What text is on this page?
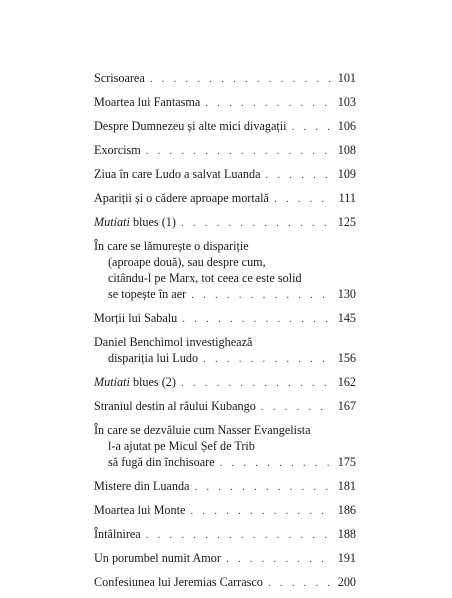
Scrisoarea . . .	101
Moartea lui Fantasma . . .	103
Despre Dumnezeu și alte mici divagații . . .	106
Exorcism . . .	108
Ziua în care Ludo a salvat Luanda . . .	109
Apariții și o cădere aproape mortală . . .	111
Mutiati blues (1) . . .	125
În care se lămurește o dispariție
(aproape două), sau despre cum,
citându-l pe Marx, tot ceea ce este solid
se topește în aer . . .	130
Morții lui Sabalu . . .	145
Daniel Benchimol investighează
dispariția lui Ludo . . .	156
Mutiati blues (2) . . .	162
Straniul destin al râului Kubango . . .	167
În care se dezvăluie cum Nasser Evangelista
l-a ajutat pe Micul Șef de Trib
să fugă din închisoare . . .	175
Mistere din Luanda . . .	181
Moartea lui Monte . . .	186
Întâlnirea . . .	188
Un porumbel numit Amor . . .	191
Confesiunea lui Jeremias Carrasco . . .	200
